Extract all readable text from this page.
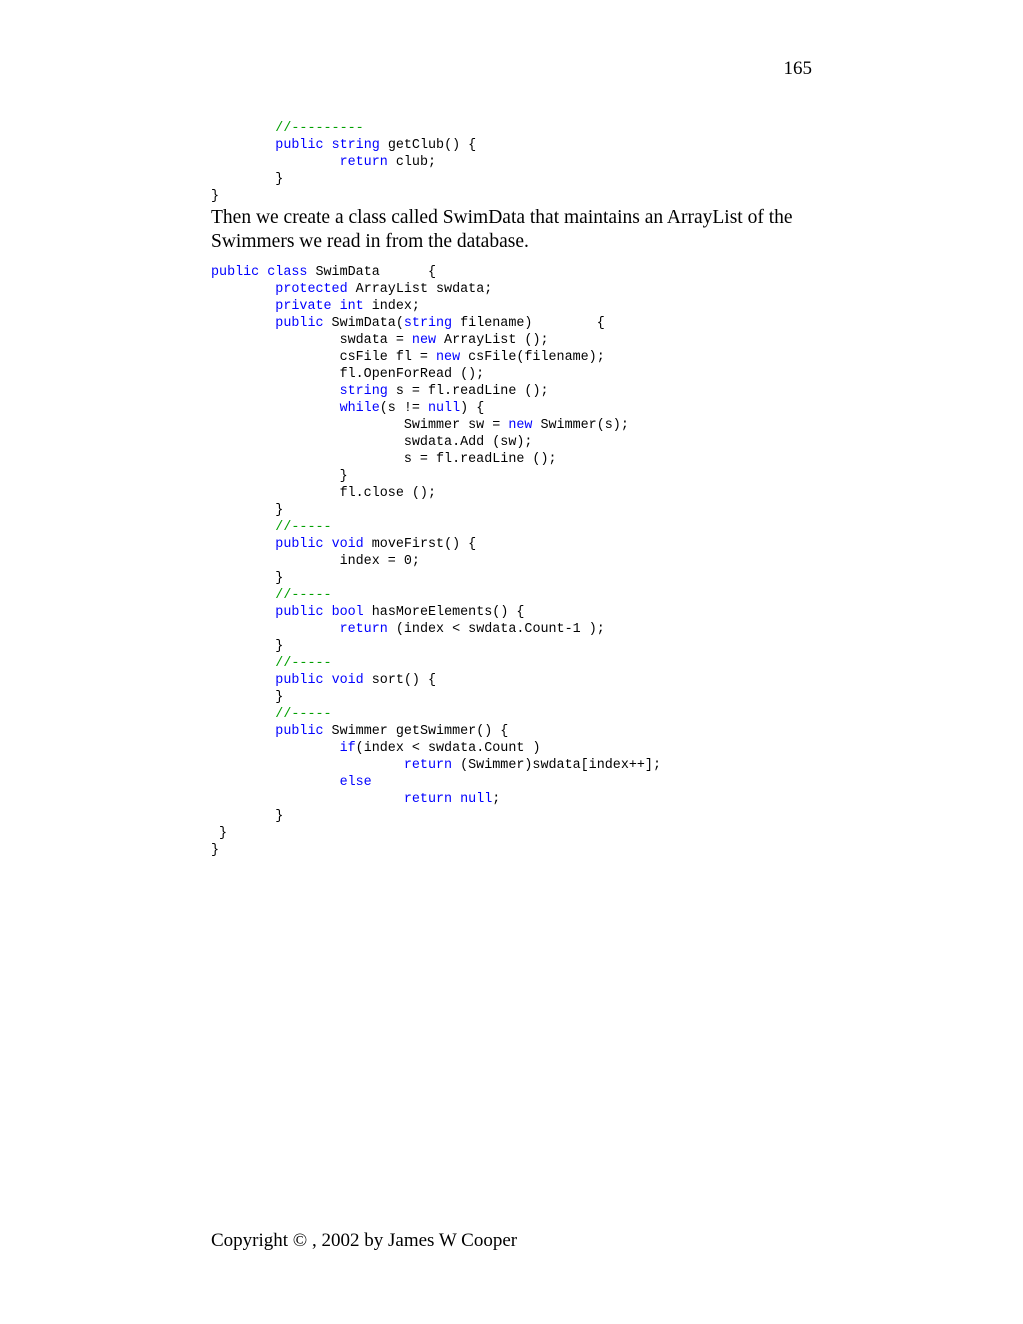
165
//---------
public string getClub() {
return club;
}
}

Then we create a class called SwimData that maintains an ArrayList of the Swimmers we read in from the database.

public class SwimData      {
protected ArrayList swdata;
private int index;
public SwimData(string filename)        {
swdata = new ArrayList ();
csFile fl = new csFile(filename);
fl.OpenForRead ();
string s = fl.readLine ();
while(s != null) {
Swimmer sw = new Swimmer(s);
swdata.Add (sw);
s = fl.readLine ();
}
fl.close ();
}
//-----
public void moveFirst() {
index = 0;
}
//-----
public bool hasMoreElements() {
return (index < swdata.Count-1 );
}
//-----
public void sort() {
}
//-----
public Swimmer getSwimmer() {
if(index < swdata.Count )
return (Swimmer)swdata[index++];
else
return null;
}
}
}
Copyright © , 2002 by James W Cooper
